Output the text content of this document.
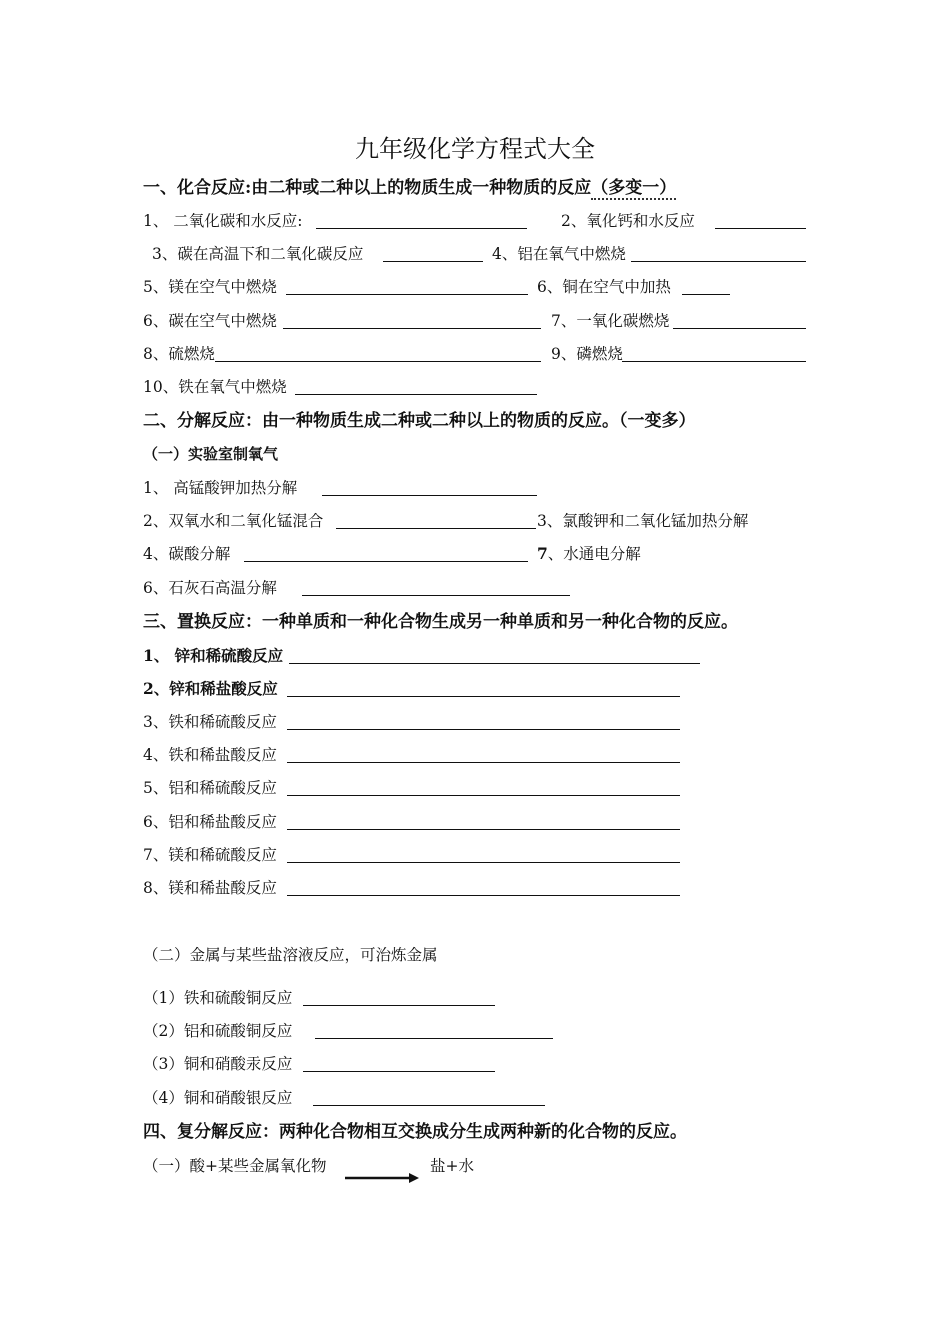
九年级化学方程式大全
一、化合反应:由二种或二种以上的物质生成一种物质的反应（多变一）
1、 二氧化碳和水反应:	2、氧化钙和水反应
3、碳在高温下和二氧化碳反应	4、铝在氧气中燃烧
5、镁在空气中燃烧	6、铜在空气中加热
6、碳在空气中燃烧	7、一氧化碳燃烧
8、硫燃烧	9、磷燃烧
10、铁在氧气中燃烧
二、分解反应：由一种物质生成二种或二种以上的物质的反应。（一变多）
（一）实验室制氧气
1、 高锰酸钾加热分解
2、双氧水和二氧化锰混合	3、氯酸钾和二氧化锰加热分解
4、碳酸分解	7、水通电分解
6、石灰石高温分解
三、置换反应：一种单质和一种化合物生成另一种单质和另一种化合物的反应。
1、 锌和稀硫酸反应
2、锌和稀盐酸反应
3、铁和稀硫酸反应
4、铁和稀盐酸反应
5、铝和稀硫酸反应
6、铝和稀盐酸反应
7、镁和稀硫酸反应
8、镁和稀盐酸反应
（二）金属与某些盐溶液反应，可治炼金属
（1）铁和硫酸铜反应
（2）铝和硫酸铜反应
（3）铜和硝酸汞反应
（4）铜和硝酸银反应
四、复分解反应：两种化合物相互交换成分生成两种新的化合物的反应。
（一）酸+某些金属氧化物	盐+水
